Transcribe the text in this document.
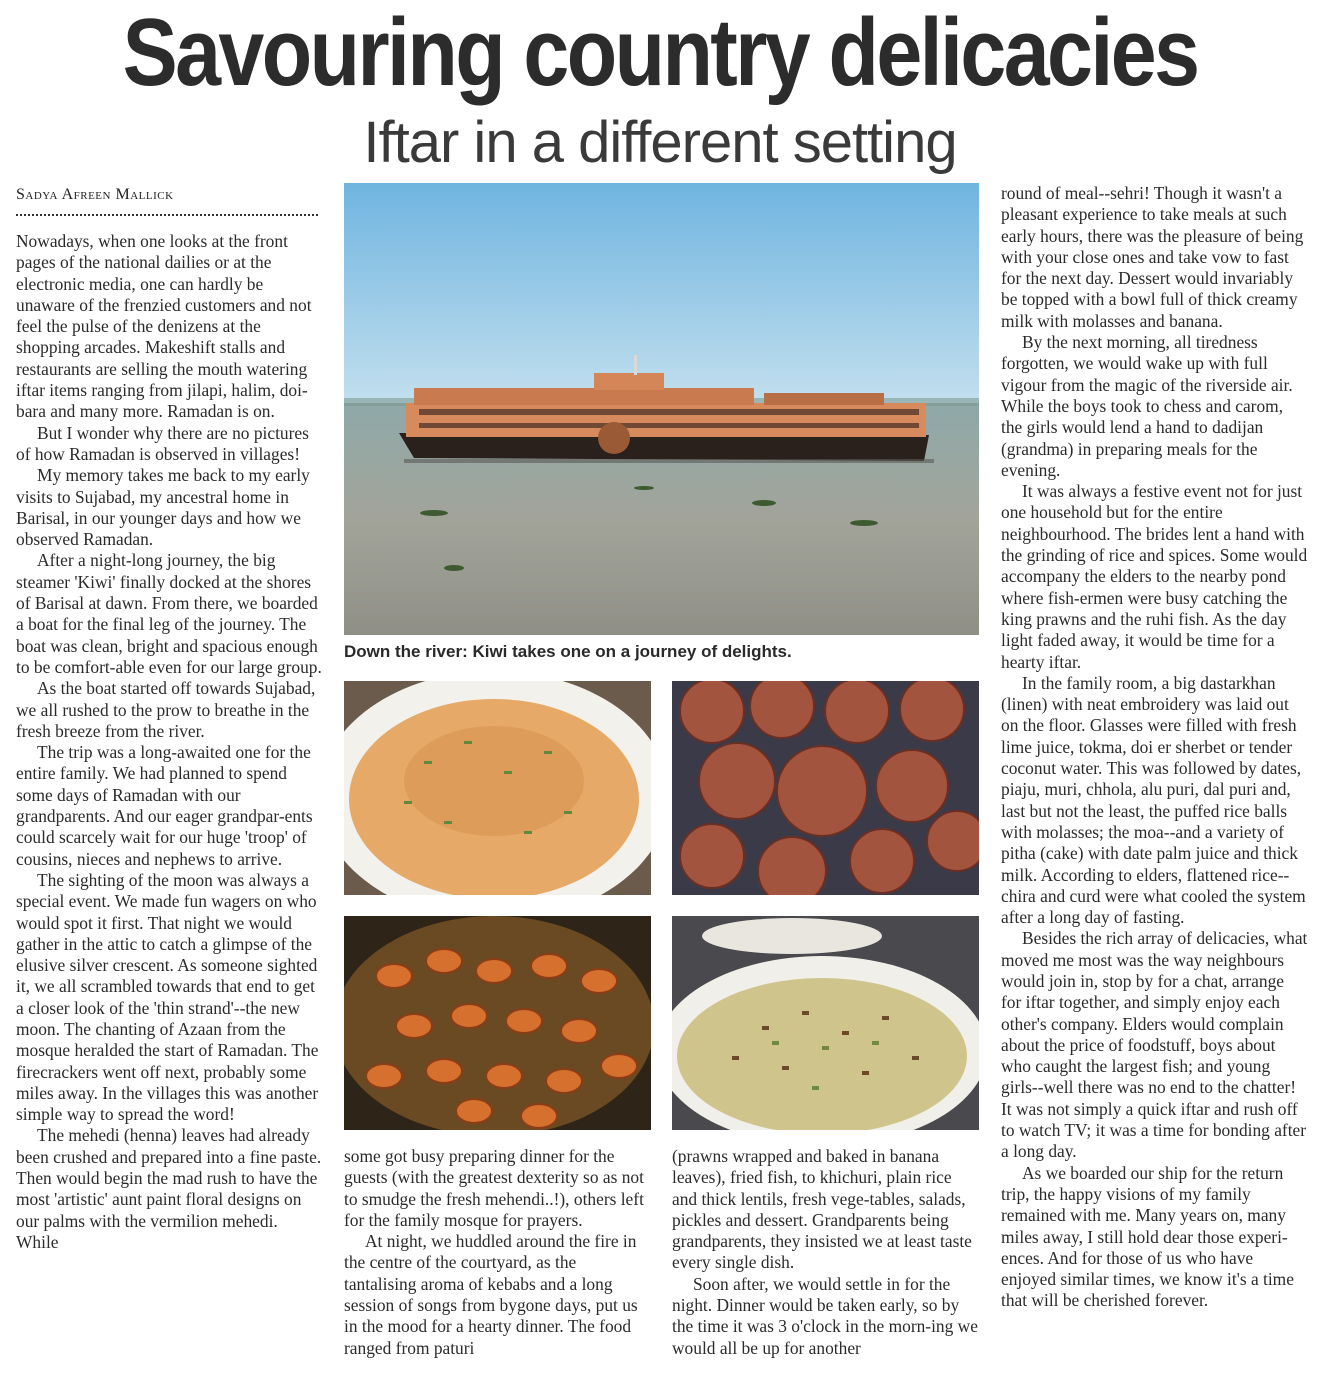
Savouring country delicacies
Iftar in a different setting
Sadya Afreen Mallick

Nowadays, when one looks at the front pages of the national dailies or at the electronic media, one can hardly be unaware of the frenzied customers and not feel the pulse of the denizens at the shopping arcades. Makeshift stalls and restaurants are selling the mouth watering iftar items ranging from jilapi, halim, doi-bara and many more. Ramadan is on.

But I wonder why there are no pictures of how Ramadan is observed in villages!

My memory takes me back to my early visits to Sujabad, my ancestral home in Barisal, in our younger days and how we observed Ramadan.

After a night-long journey, the big steamer 'Kiwi' finally docked at the shores of Barisal at dawn. From there, we boarded a boat for the final leg of the journey. The boat was clean, bright and spacious enough to be comfort-able even for our large group.

As the boat started off towards Sujabad, we all rushed to the prow to breathe in the fresh breeze from the river.

The trip was a long-awaited one for the entire family. We had planned to spend some days of Ramadan with our grandparents. And our eager grandpar-ents could scarcely wait for our huge 'troop' of cousins, nieces and nephews to arrive.

The sighting of the moon was always a special event. We made fun wagers on who would spot it first. That night we would gather in the attic to catch a glimpse of the elusive silver crescent. As someone sighted it, we all scrambled towards that end to get a closer look of the 'thin strand'--the new moon. The chanting of Azaan from the mosque heralded the start of Ramadan. The firecrackers went off next, probably some miles away. In the villages this was another simple way to spread the word!

The mehedi (henna) leaves had already been crushed and prepared into a fine paste. Then would begin the mad rush to have the most 'artistic' aunt paint floral designs on our palms with the vermilion mehedi. While

Down the river: Kiwi takes one on a journey of delights.

some got busy preparing dinner for the guests (with the greatest dexterity so as not to smudge the fresh mehendi..!), others left for the family mosque for prayers.

At night, we huddled around the fire in the centre of the courtyard, as the tantalising aroma of kebabs and a long session of songs from bygone days, put us in the mood for a hearty dinner. The food ranged from paturi

(prawns wrapped and baked in banana leaves), fried fish, to khichuri, plain rice and thick lentils, fresh vege-tables, salads, pickles and dessert. Grandparents being grandparents, they insisted we at least taste every single dish.

Soon after, we would settle in for the night. Dinner would be taken early, so by the time it was 3 o'clock in the morn-ing we would all be up for another

round of meal--sehri! Though it wasn't a pleasant experience to take meals at such early hours, there was the pleasure of being with your close ones and take vow to fast for the next day. Dessert would invariably be topped with a bowl full of thick creamy milk with molasses and banana.

By the next morning, all tiredness forgotten, we would wake up with full vigour from the magic of the riverside air. While the boys took to chess and carom, the girls would lend a hand to dadijan (grandma) in preparing meals for the evening.

It was always a festive event not for just one household but for the entire neighbourhood. The brides lent a hand with the grinding of rice and spices. Some would accompany the elders to the nearby pond where fish-ermen were busy catching the king prawns and the ruhi fish. As the day light faded away, it would be time for a hearty iftar.

In the family room, a big dastarkhan (linen) with neat embroidery was laid out on the floor. Glasses were filled with fresh lime juice, tokma, doi er sherbet or tender coconut water. This was followed by dates, piaju, muri, chhola, alu puri, dal puri and, last but not the least, the puffed rice balls with molasses; the moa--and a variety of pitha (cake) with date palm juice and thick milk. According to elders, flattened rice-- chira and curd were what cooled the system after a long day of fasting.

Besides the rich array of delicacies, what moved me most was the way neighbours would join in, stop by for a chat, arrange for iftar together, and simply enjoy each other's company. Elders would complain about the price of foodstuff, boys about who caught the largest fish; and young girls--well there was no end to the chatter! It was not simply a quick iftar and rush off to watch TV; it was a time for bonding after a long day.

As we boarded our ship for the return trip, the happy visions of my family remained with me. Many years on, many miles away, I still hold dear those experi-ences. And for those of us who have enjoyed similar times, we know it's a time that will be cherished forever.
